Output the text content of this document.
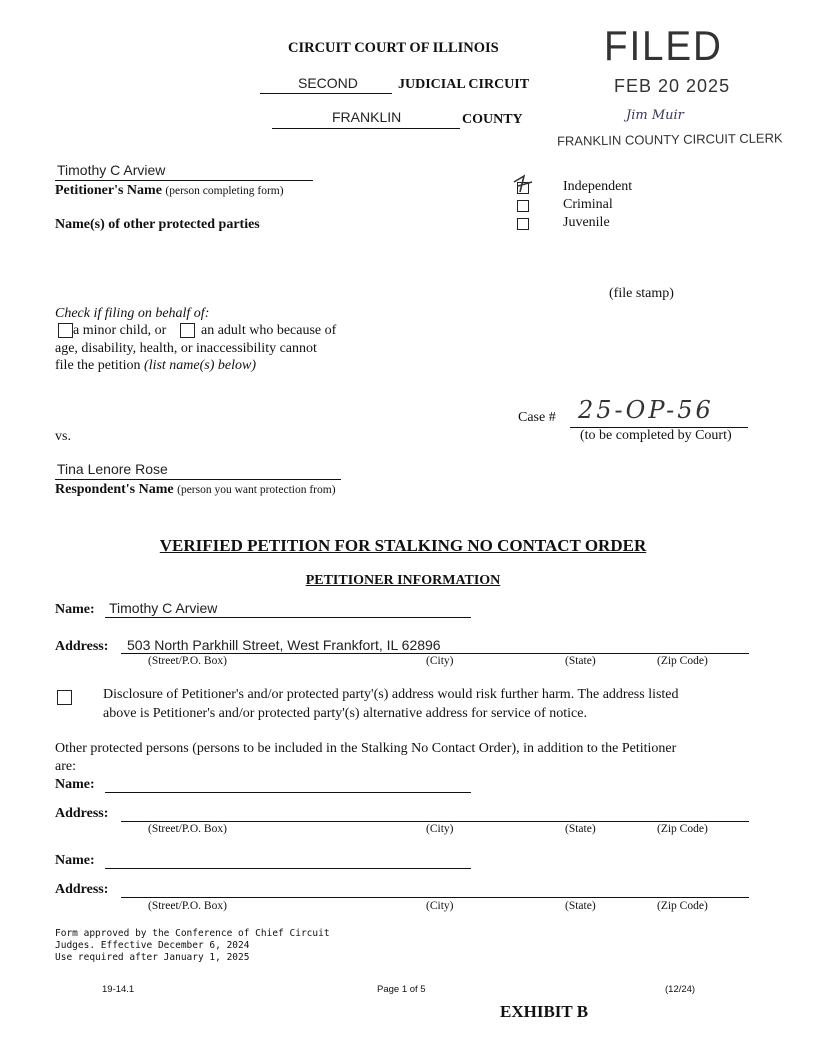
CIRCUIT COURT OF ILLINOIS
SECOND	JUDICIAL CIRCUIT
FRANKLIN	COUNTY
FILED
FEB 20 2025
Jim Muir
FRANKLIN COUNTY CIRCUIT CLERK
Timothy C Arview
Petitioner's Name (person completing form)
Name(s) of other protected parties
Independent
Criminal
Juvenile
(file stamp)
Check if filing on behalf of:
a minor child, or an adult who because of
age, disability, health, or inaccessibility cannot
file the petition (list name(s) below)
Case # 25-OP-56
(to be completed by Court)
vs.
Tina Lenore Rose
Respondent's Name (person you want protection from)
VERIFIED PETITION FOR STALKING NO CONTACT ORDER
PETITIONER INFORMATION
Name: Timothy C Arview
Address: 503 North Parkhill Street, West Frankfort, IL 62896
(Street/P.O. Box)	(City)	(State)	(Zip Code)
Disclosure of Petitioner's and/or protected party'(s) address would risk further harm. The address listed
above is Petitioner's and/or protected party'(s) alternative address for service of notice.
Other protected persons (persons to be included in the Stalking No Contact Order), in addition to the Petitioner
are:
Name:
Address:
(Street/P.O. Box)	(City)	(State)	(Zip Code)
Name:
Address:
(Street/P.O. Box)	(City)	(State)	(Zip Code)
Form approved by the Conference of Chief Circuit
Judges. Effective December 6, 2024
Use required after January 1, 2025
19-14.1	Page 1 of 5	(12/24)
EXHIBIT B
